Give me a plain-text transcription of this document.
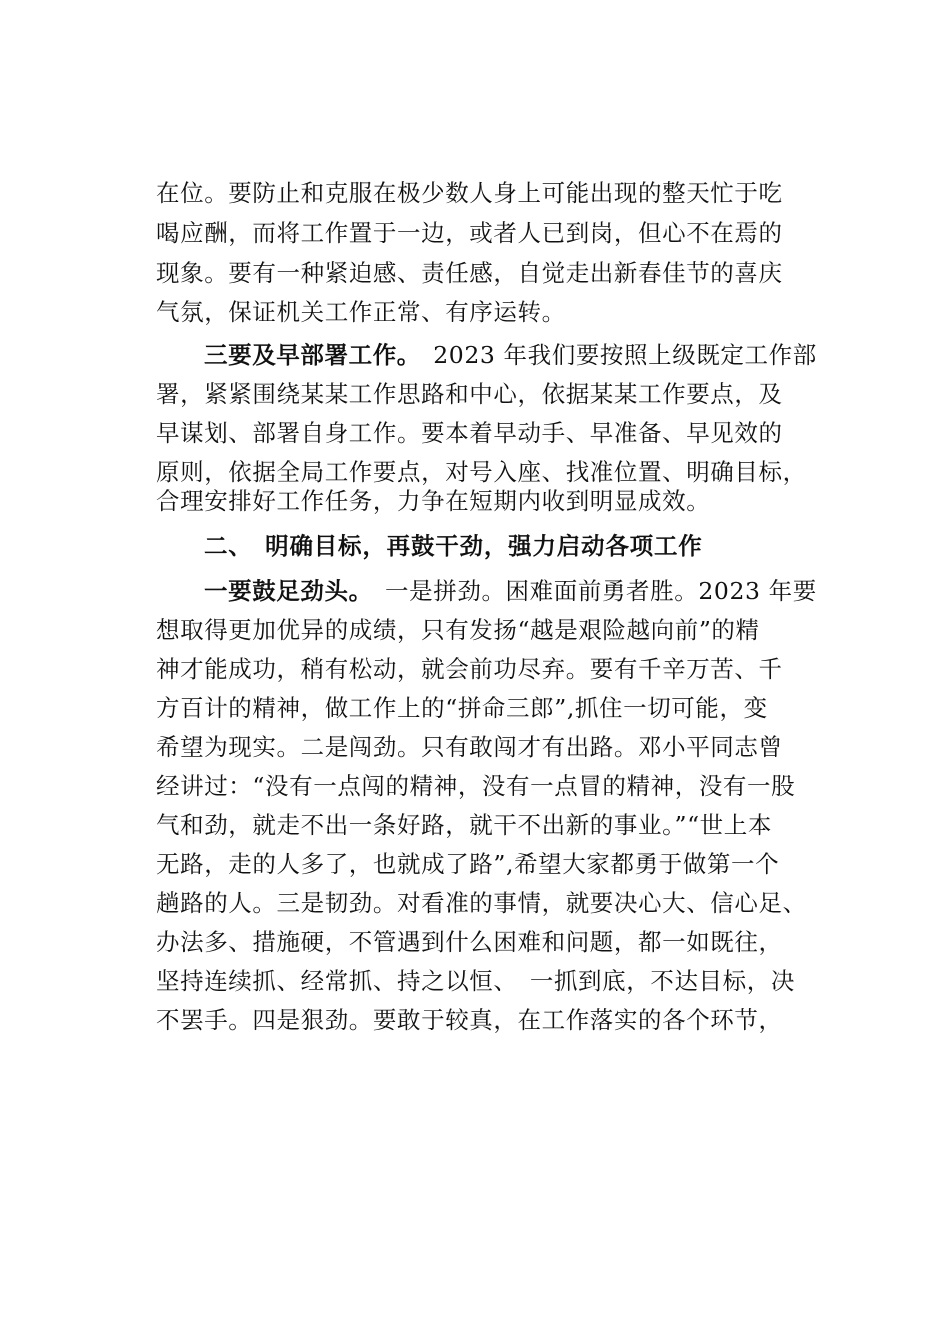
在位。要防止和克服在极少数人身上可能出现的整天忙于吃
喝应酬，而将工作置于一边，或者人已到岗，但心不在焉的
现象。要有一种紧迫感、责任感，自觉走出新春佳节的喜庆
气氛，保证机关工作正常、有序运转。
三要及早部署工作。　2023 年我们要按照上级既定工作部
署，紧紧围绕某某工作思路和中心，依据某某工作要点，及
早谋划、部署自身工作。要本着早动手、早准备、早见效的
原则，依据全局工作要点，对号入座、找准位置、明确目标，
合理安排好工作任务，力争在短期内收到明显成效。
二、　明确目标，再鼓干劲，强力启动各项工作
一要鼓足劲头。　一是拼劲。困难面前勇者胜。2023 年要
想取得更加优异的成绩，只有发扬“越是艰险越向前”的精
神才能成功，稍有松动，就会前功尽弃。要有千辛万苦、千
方百计的精神，做工作上的“拼命三郎”,抓住一切可能，变
希望为现实。二是闯劲。只有敢闯才有出路。邓小平同志曾
经讲过：“没有一点闯的精神，没有一点冒的精神，没有一股
气和劲，就走不出一条好路，就干不出新的事业。”“世上本
无路，走的人多了，也就成了路”,希望大家都勇于做第一个
趟路的人。三是韧劲。对看准的事情，就要决心大、信心足、
办法多、措施硬，不管遇到什么困难和问题，都一如既往，
坚持连续抓、经常抓、持之以恒、　一抓到底，不达目标，决
不罢手。四是狠劲。要敢于较真，在工作落实的各个环节，
